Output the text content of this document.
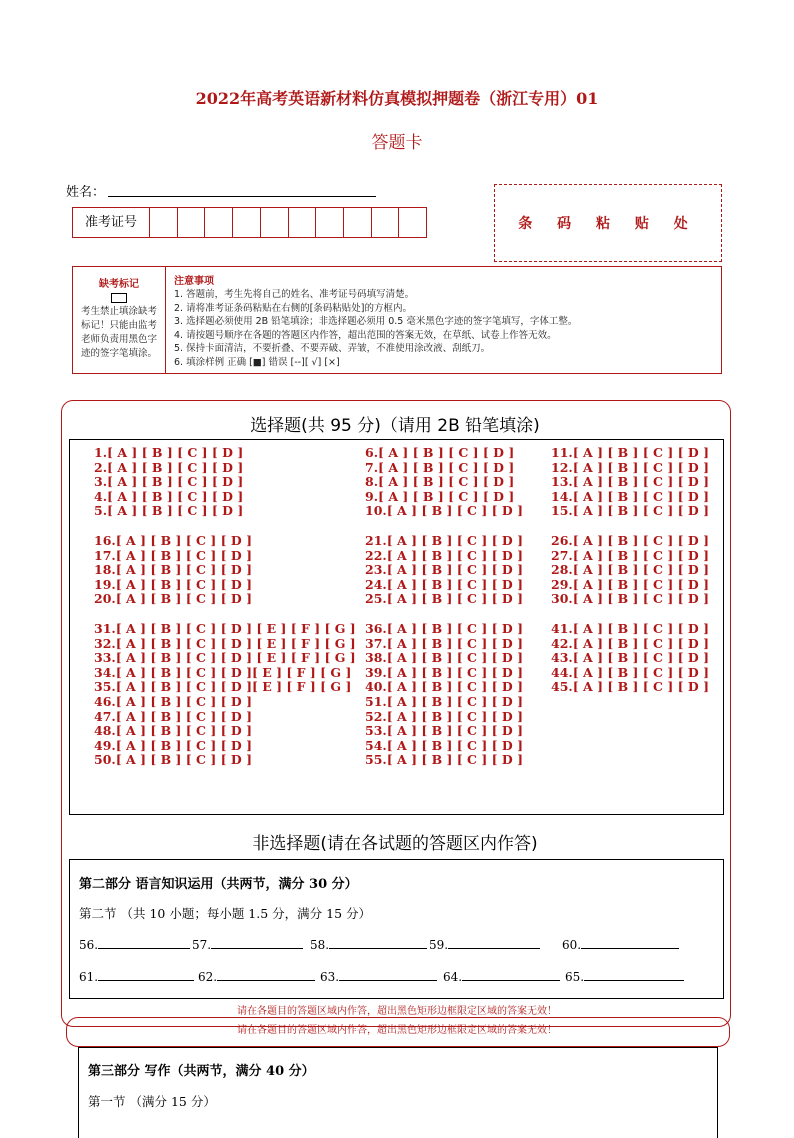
2022年高考英语新材料仿真模拟押题卷（浙江专用）01
答题卡
姓名：
准考证号	条 码 粘 贴 处
缺考标记
考生禁止填涂缺考标记！只能由监考老师负责用黑色字迹的签字笔填涂。
注意事项
1. 答题前，考生先将自己的姓名、准考证号码填写清楚。
2. 请将准考证条码粘贴在右侧的[条码粘贴处]的方框内。
3. 选择题必须使用 2B 铅笔填涂；非选择题必须用 0.5 毫米黑色字迹的签字笔填写，字体工整。
4. 请按题号顺序在各题的答题区内作答，超出范围的答案无效，在草纸、试卷上作答无效。
5. 保持卡面清洁，不要折叠、不要弄破、弄皱，不准使用涂改液、刮纸刀。
6. 填涂样例 正确 [■] 错误 [--][ √] [×]
选择题(共 95 分)（请用 2B 铅笔填涂)
1.[ A ] [ B ] [ C ] [ D ]
2.[ A ] [ B ] [ C ] [ D ]
3.[ A ] [ B ] [ C ] [ D ]
4.[ A ] [ B ] [ C ] [ D ]
5.[ A ] [ B ] [ C ] [ D ]
6.[ A ] [ B ] [ C ] [ D ]
7.[ A ] [ B ] [ C ] [ D ]
8.[ A ] [ B ] [ C ] [ D ]
9.[ A ] [ B ] [ C ] [ D ]
10.[ A ] [ B ] [ C ] [ D ]
11.[ A ] [ B ] [ C ] [ D ]
12.[ A ] [ B ] [ C ] [ D ]
13.[ A ] [ B ] [ C ] [ D ]
14.[ A ] [ B ] [ C ] [ D ]
15.[ A ] [ B ] [ C ] [ D ]
16.[ A ] [ B ] [ C ] [ D ]
17.[ A ] [ B ] [ C ] [ D ]
18.[ A ] [ B ] [ C ] [ D ]
19.[ A ] [ B ] [ C ] [ D ]
20.[ A ] [ B ] [ C ] [ D ]
21.[ A ] [ B ] [ C ] [ D ]
22.[ A ] [ B ] [ C ] [ D ]
23.[ A ] [ B ] [ C ] [ D ]
24.[ A ] [ B ] [ C ] [ D ]
25.[ A ] [ B ] [ C ] [ D ]
26.[ A ] [ B ] [ C ] [ D ]
27.[ A ] [ B ] [ C ] [ D ]
28.[ A ] [ B ] [ C ] [ D ]
29.[ A ] [ B ] [ C ] [ D ]
30.[ A ] [ B ] [ C ] [ D ]
31.[ A ] [ B ] [ C ] [ D ] [ E ] [ F ] [ G ]
32.[ A ] [ B ] [ C ] [ D ] [ E ] [ F ] [ G ]
33.[ A ] [ B ] [ C ] [ D ] [ E ] [ F ] [ G ]
34.[ A ] [ B ] [ C ] [ D ][ E ] [ F ] [ G ]
35.[ A ] [ B ] [ C ] [ D ][ E ] [ F ] [ G ]
46.[ A ] [ B ] [ C ] [ D ]
47.[ A ] [ B ] [ C ] [ D ]
48.[ A ] [ B ] [ C ] [ D ]
49.[ A ] [ B ] [ C ] [ D ]
50.[ A ] [ B ] [ C ] [ D ]
36.[ A ] [ B ] [ C ] [ D ]
37.[ A ] [ B ] [ C ] [ D ]
38.[ A ] [ B ] [ C ] [ D ]
39.[ A ] [ B ] [ C ] [ D ]
40.[ A ] [ B ] [ C ] [ D ]
51.[ A ] [ B ] [ C ] [ D ]
52.[ A ] [ B ] [ C ] [ D ]
53.[ A ] [ B ] [ C ] [ D ]
54.[ A ] [ B ] [ C ] [ D ]
55.[ A ] [ B ] [ C ] [ D ]
41.[ A ] [ B ] [ C ] [ D ]
42.[ A ] [ B ] [ C ] [ D ]
43.[ A ] [ B ] [ C ] [ D ]
44.[ A ] [ B ] [ C ] [ D ]
45.[ A ] [ B ] [ C ] [ D ]
非选择题(请在各试题的答题区内作答)
第二部分 语言知识运用（共两节，满分 30 分）
第二节 （共 10 小题；每小题 1.5 分，满分 15 分）
56.	57.	58.	59.	60.
61.	62.	63.	64.	65.
请在各题目的答题区域内作答，超出黑色矩形边框限定区域的答案无效！
请在各题目的答题区域内作答，超出黑色矩形边框限定区域的答案无效！
第三部分 写作（共两节，满分 40 分）
第一节 （满分 15 分）
